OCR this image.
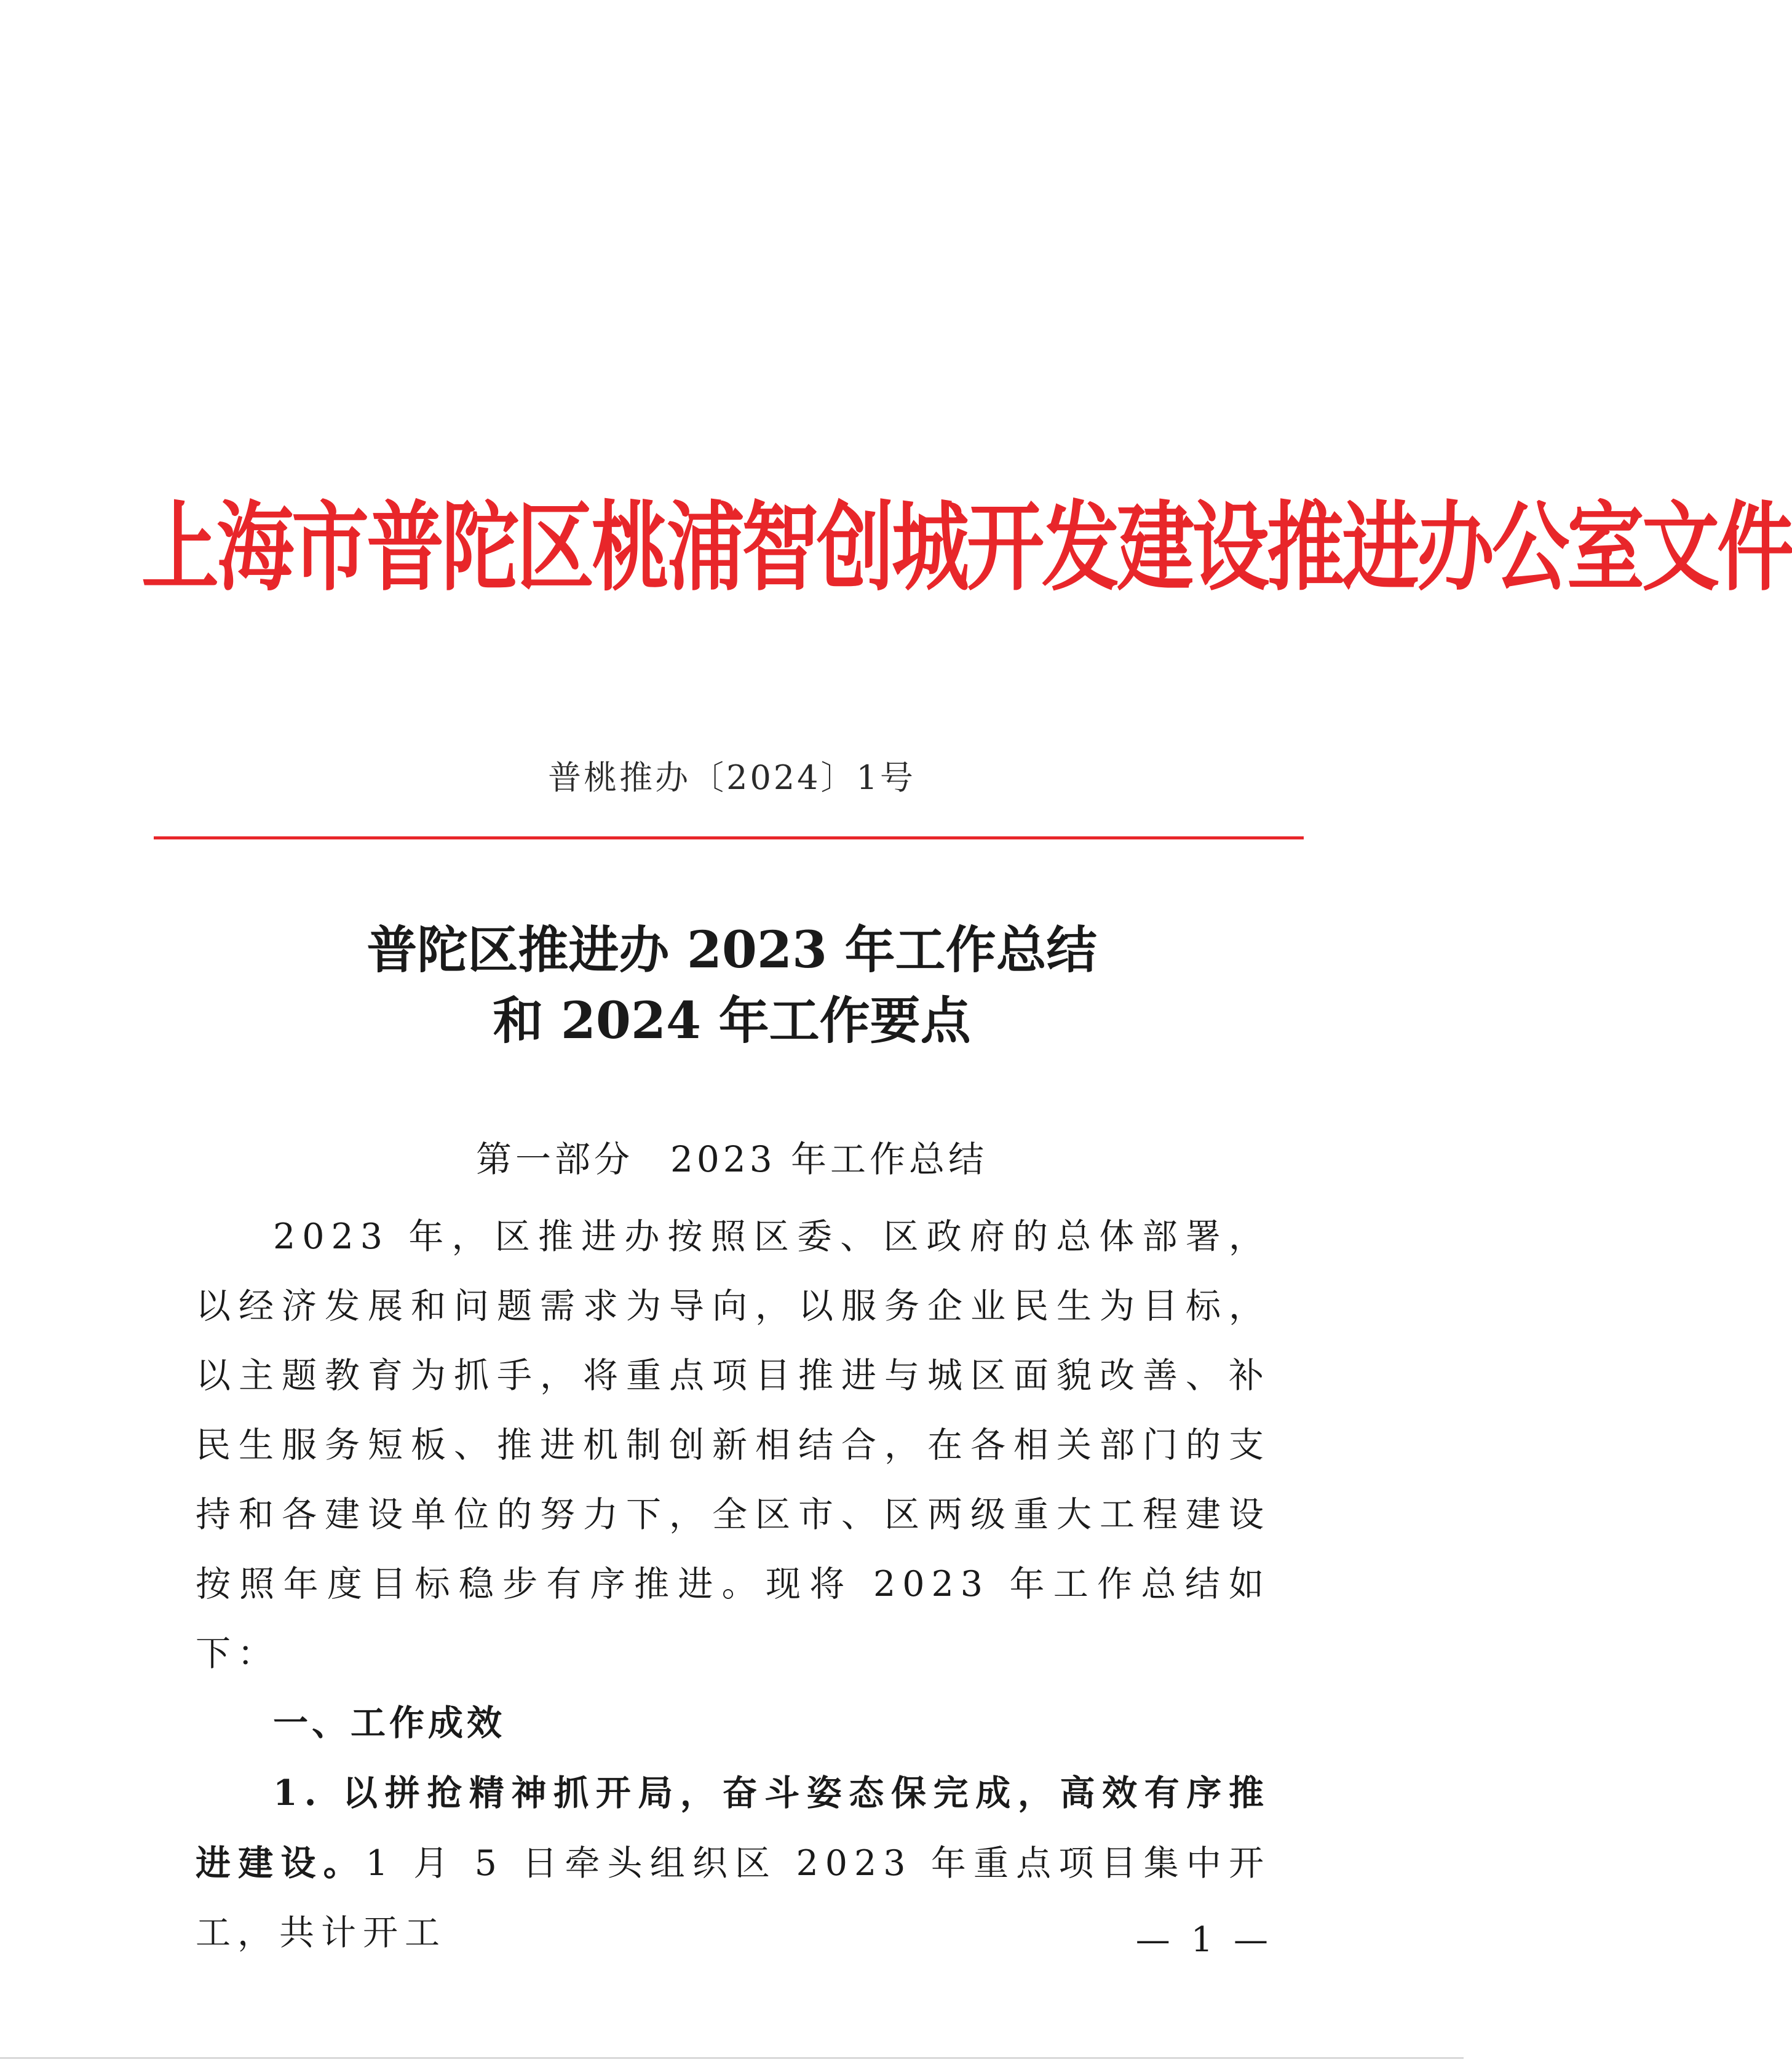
上海市普陀区桃浦智创城开发建设推进办公室文件
普桃推办〔2024〕1号
普陀区推进办 2023 年工作总结
和 2024 年工作要点
第一部分 2023 年工作总结

2023 年，区推进办按照区委、区政府的总体部署，以经济发展和问题需求为导向，以服务企业民生为目标，以主题教育为抓手，将重点项目推进与城区面貌改善、补民生服务短板、推进机制创新相结合，在各相关部门的支持和各建设单位的努力下，全区市、区两级重大工程建设按照年度目标稳步有序推进。现将 2023 年工作总结如下：

一、工作成效

1. 以拼抢精神抓开局，奋斗姿态保完成，高效有序推进建设。1 月 5 日牵头组织区 2023 年重点项目集中开工，共计开工	— 1 —
